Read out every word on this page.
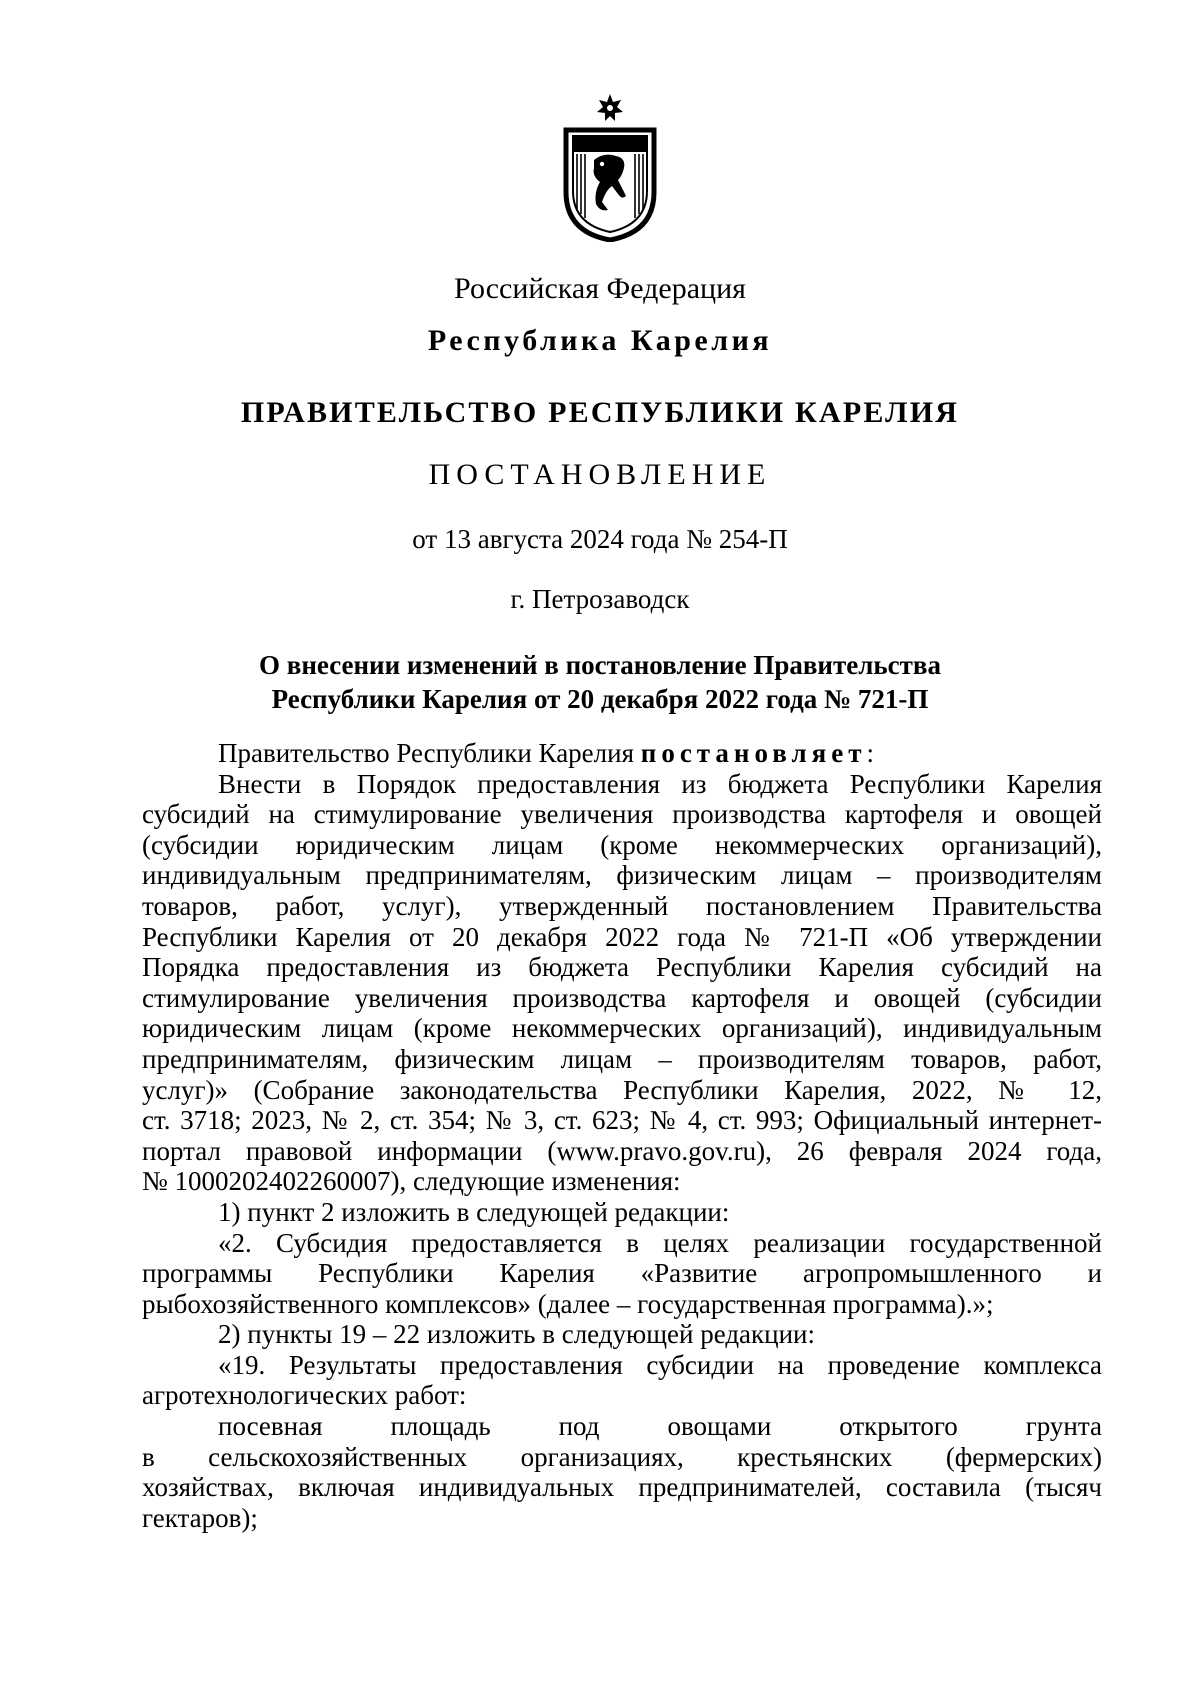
Российская Федерация
Республика Карелия
ПРАВИТЕЛЬСТВО РЕСПУБЛИКИ КАРЕЛИЯ
ПОСТАНОВЛЕНИЕ
от 13 августа 2024 года № 254-П
г. Петрозаводск
О внесении изменений в постановление Правительства
Республики Карелия от 20 декабря 2022 года № 721-П
Правительство Республики Карелия постановляет:
Внести в Порядок предоставления из бюджета Республики Карелия
субсидий на стимулирование увеличения производства картофеля и овощей
(субсидии юридическим лицам (кроме некоммерческих организаций),
индивидуальным предпринимателям, физическим лицам – производителям
товаров, работ, услуг), утвержденный постановлением Правительства
Республики Карелия от 20 декабря 2022 года № 721-П «Об утверждении
Порядка предоставления из бюджета Республики Карелия субсидий на
стимулирование увеличения производства картофеля и овощей (субсидии
юридическим лицам (кроме некоммерческих организаций), индивидуальным
предпринимателям, физическим лицам – производителям товаров, работ,
услуг)» (Собрание законодательства Республики Карелия, 2022, № 12,
ст. 3718; 2023, № 2, ст. 354; № 3, ст. 623; № 4, ст. 993; Официальный интернет-
портал правовой информации (www.pravo.gov.ru), 26 февраля 2024 года,
№ 1000202402260007), следующие изменения:
1) пункт 2 изложить в следующей редакции:
«2. Субсидия предоставляется в целях реализации государственной
программы Республики Карелия «Развитие агропромышленного и
рыбохозяйственного комплексов» (далее – государственная программа).»;
2) пункты 19 – 22 изложить в следующей редакции:
«19. Результаты предоставления субсидии на проведение комплекса
агротехнологических работ:
посевная площадь под овощами открытого грунта
в сельскохозяйственных организациях, крестьянских (фермерских)
хозяйствах, включая индивидуальных предпринимателей, составила (тысяч
гектаров);
